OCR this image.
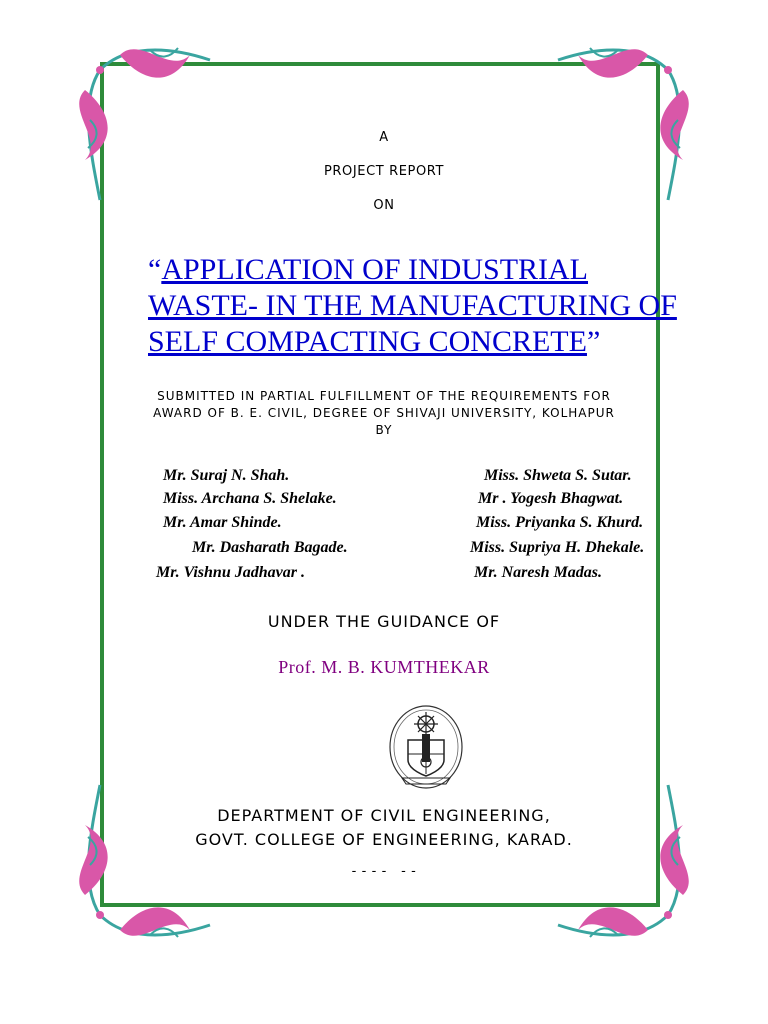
A
PROJECT REPORT
ON
“APPLICATION OF INDUSTRIAL
WASTE- IN THE MANUFACTURING OF
SELF COMPACTING CONCRETE”
SUBMITTED IN PARTIAL FULFILLMENT OF THE REQUIREMENTS FOR
AWARD OF B. E. CIVIL, DEGREE OF SHIVAJI UNIVERSITY, KOLHAPUR
BY
Mr. Suraj N. Shah.
Miss. Archana S. Shelake.
Mr. Amar Shinde.
Mr. Dasharath Bagade.
Mr. Vishnu Jadhavar .
Miss. Shweta S. Sutar.
Mr . Yogesh Bhagwat.
Miss. Priyanka S. Khurd.
Miss. Supriya H. Dhekale.
Mr. Naresh Madas.
UNDER THE GUIDANCE OF
Prof. M. B. KUMTHEKAR
DEPARTMENT OF CIVIL ENGINEERING,
GOVT. COLLEGE OF ENGINEERING, KARAD.
- - - -   - -
